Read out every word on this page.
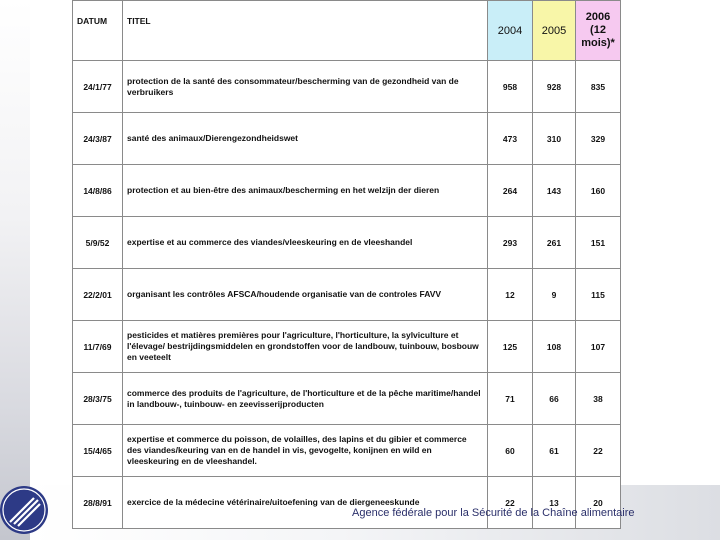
DATUM	TITEL	2004	2005	2006 (12 mois)*
24/1/77	protection de la santé des consommateur/bescherming van de gezondheid van de verbruikers	958	928	835
24/3/87	santé des animaux/Dierengezondheidswet	473	310	329
14/8/86	protection et au bien-être des animaux/bescherming en het welzijn der dieren	264	143	160
5/9/52	expertise et au commerce des viandes/vleeskeuring en de vleeshandel	293	261	151
22/2/01	organisant les contrôles AFSCA/houdende organisatie van de controles FAVV	12	9	115
11/7/69	pesticides et matières premières pour l'agriculture, l'horticulture, la sylviculture et l'élevage/ bestrijdingsmiddelen en grondstoffen voor de landbouw, tuinbouw, bosbouw en veeteelt	125	108	107
28/3/75	commerce des produits de l'agriculture, de l'horticulture et de la pêche maritime/handel in landbouw-, tuinbouw- en zeevisserijproducten	71	66	38
15/4/65	expertise et commerce du poisson, de volailles, des lapins et du gibier et commerce des viandes/keuring van en de handel in vis, gevogelte, konijnen en wild en vleeskeuring en de vleeshandel.	60	61	22
28/8/91	exercice de la médecine vétérinaire/uitoefening van de diergeneeskunde	22	13	20
Agence fédérale pour la Sécurité de la Chaîne alimentaire
